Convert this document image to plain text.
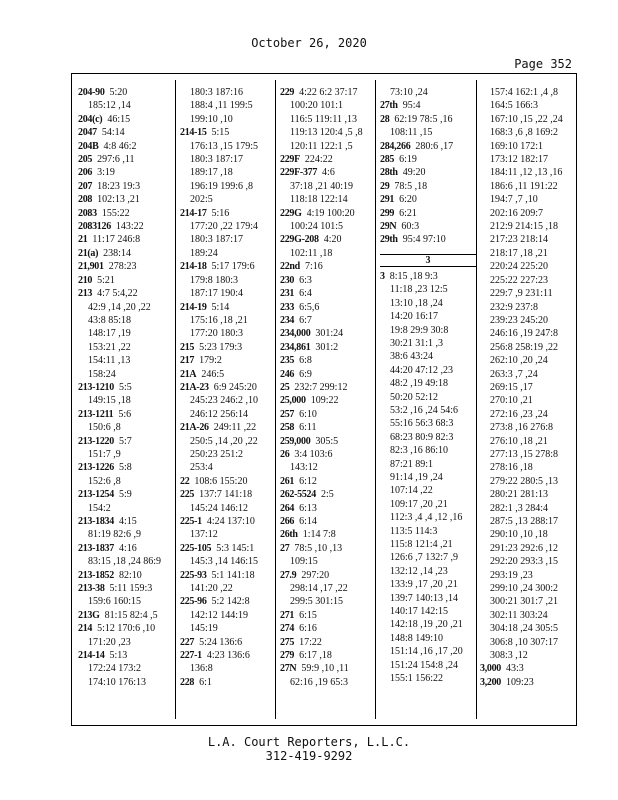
October 26, 2020
Page 352
204-90  5:20
185:12 ,14
204(c)  46:15
2047  54:14
204B  4:8 46:2
205  297:6 ,11
206  3:19
207  18:23 19:3
208  102:13 ,21
2083  155:22
2083126  143:22
21  11:17 246:8
21(a)  238:14
21,901  278:23
210  5:21
213  4:7 5:4,22
42:9 ,14 ,20 ,22
43:8 85:18
148:17 ,19
153:21 ,22
154:11 ,13
158:24
213-1210  5:5
149:15 ,18
213-1211  5:6
150:6 ,8
213-1220  5:7
151:7 ,9
213-1226  5:8
152:6 ,8
213-1254  5:9
154:2
213-1834  4:15
81:19 82:6 ,9
213-1837  4:16
83:15 ,18 ,24 86:9
213-1852  82:10
213-38  5:11 159:3
159:6 160:15
213G  81:15 82:4 ,5
214  5:12 170:6 ,10
171:20 ,23
214-14  5:13
172:24 173:2
174:10 176:13
180:3 187:16
188:4 ,11 199:5
199:10 ,10
214-15  5:15
176:13 ,15 179:5
180:3 187:17
189:17 ,18
196:19 199:6 ,8
202:5
214-17  5:16
177:20 ,22 179:4
180:3 187:17
189:24
214-18  5:17 179:6
179:8 180:3
187:17 190:4
214-19  5:14
175:16 ,18 ,21
177:20 180:3
215  5:23 179:3
217  179:2
21A  246:5
21A-23  6:9 245:20
245:23 246:2 ,10
246:12 256:14
21A-26  249:11 ,22
250:5 ,14 ,20 ,22
250:23 251:2
253:4
22  108:6 155:20
225  137:7 141:18
145:24 146:12
225-1  4:24 137:10
137:12
225-105  5:3 145:1
145:3 ,14 146:15
225-93  5:1 141:18
141:20 ,22
225-96  5:2 142:8
142:12 144:19
145:19
227  5:24 136:6
227-1  4:23 136:6
136:8
228  6:1
229  4:22 6:2 37:17
100:20 101:1
116:5 119:11 ,13
119:13 120:4 ,5 ,8
120:11 122:1 ,5
229F  224:22
229F-377  4:6
37:18 ,21 40:19
118:18 122:14
229G  4:19 100:20
100:24 101:5
229G-208  4:20
102:11 ,18
22nd  7:16
230  6:3
231  6:4
233  6:5,6
234  6:7
234,000  301:24
234,861  301:2
235  6:8
246  6:9
25  232:7 299:12
25,000  109:22
257  6:10
258  6:11
259,000  305:5
26  3:4 103:6
143:12
261  6:12
262-5524  2:5
264  6:13
266  6:14
26th  1:14 7:8
27  78:5 ,10 ,13
109:15
27.9  297:20
298:14 ,17 ,22
299:5 301:15
271  6:15
274  6:16
275  17:22
279  6:17 ,18
27N  59:9 ,10 ,11
62:16 ,19 65:3
73:10 ,24
27th  95:4
28  62:19 78:5 ,16
108:11 ,15
284,266  280:6 ,17
285  6:19
28th  49:20
29  78:5 ,18
291  6:20
299  6:21
29N  60:3
29th  95:4 97:10
3
3  8:15 ,18 9:3
11:18 ,23 12:5
13:10 ,18 ,24
14:20 16:17
19:8 29:9 30:8
30:21 31:1 ,3
38:6 43:24
44:20 47:12 ,23
48:2 ,19 49:18
50:20 52:12
53:2 ,16 ,24 54:6
55:16 56:3 68:3
68:23 80:9 82:3
82:3 ,16 86:10
87:21 89:1
91:14 ,19 ,24
107:14 ,22
109:17 ,20 ,21
112:3 ,4 ,4 ,12 ,16
113:5 114:3
115:8 121:4 ,21
126:6 ,7 132:7 ,9
132:12 ,14 ,23
133:9 ,17 ,20 ,21
139:7 140:13 ,14
140:17 142:15
142:18 ,19 ,20 ,21
148:8 149:10
151:14 ,16 ,17 ,20
151:24 154:8 ,24
155:1 156:22
157:4 162:1 ,4 ,8
164:5 166:3
167:10 ,15 ,22 ,24
168:3 ,6 ,8 169:2
169:10 172:1
173:12 182:17
184:11 ,12 ,13 ,16
186:6 ,11 191:22
194:7 ,7 ,10
202:16 209:7
212:9 214:15 ,18
217:23 218:14
218:17 ,18 ,21
220:24 225:20
225:22 227:23
229:7 ,9 231:11
232:9 237:8
239:23 245:20
246:16 ,19 247:8
256:8 258:19 ,22
262:10 ,20 ,24
263:3 ,7 ,24
269:15 ,17
270:10 ,21
272:16 ,23 ,24
273:8 ,16 276:8
276:10 ,18 ,21
277:13 ,15 278:8
278:16 ,18
279:22 280:5 ,13
280:21 281:13
282:1 ,3 284:4
287:5 ,13 288:17
290:10 ,10 ,18
291:23 292:6 ,12
292:20 293:3 ,15
293:19 ,23
299:10 ,24 300:2
300:21 301:7 ,21
302:11 303:24
304:18 ,24 305:5
306:8 ,10 307:17
308:3 ,12
3,000  43:3
3,200  109:23
L.A. Court Reporters, L.L.C.
312-419-9292
